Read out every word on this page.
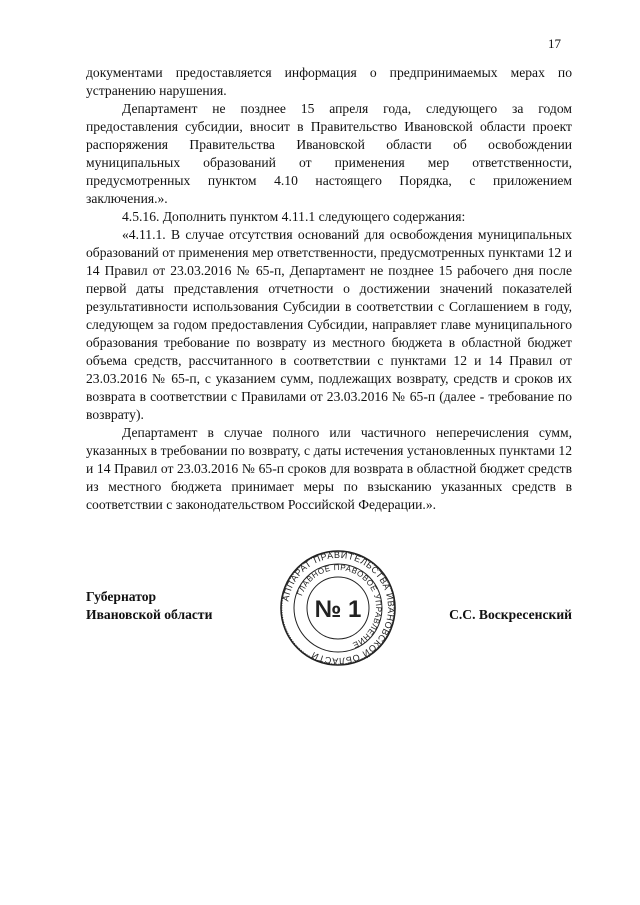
17

документами предоставляется информация о предпринимаемых мерах по устранению нарушения.

Департамент не позднее 15 апреля года, следующего за годом предоставления субсидии, вносит в Правительство Ивановской области проект распоряжения Правительства Ивановской области об освобождении муниципальных образований от применения мер ответственности, предусмотренных пунктом 4.10 настоящего Порядка, с приложением заключения.».

4.5.16. Дополнить пунктом 4.11.1 следующего содержания:

«4.11.1. В случае отсутствия оснований для освобождения муниципальных образований от применения мер ответственности, предусмотренных пунктами 12 и 14 Правил от 23.03.2016 № 65-п, Департамент не позднее 15 рабочего дня после первой даты представления отчетности о достижении значений показателей результативности использования Субсидии в соответствии с Соглашением в году, следующем за годом предоставления Субсидии, направляет главе муниципального образования требование по возврату из местного бюджета в областной бюджет объема средств, рассчитанного в соответствии с пунктами 12 и 14 Правил от 23.03.2016 № 65-п, с указанием сумм, подлежащих возврату, средств и сроков их возврата в соответствии с Правилами от 23.03.2016 № 65-п (далее - требование по возврату).

Департамент в случае полного или частичного неперечисления сумм, указанных в требовании по возврату, с даты истечения установленных пунктами 12 и 14 Правил от 23.03.2016 № 65-п сроков для возврата в областной бюджет средств из местного бюджета принимает меры по взысканию указанных средств в соответствии с законодательством Российской Федерации.».

Губернатор
Ивановской области
АППАРАТ ПРАВИТЕЛЬСТВА ИВАНОВСКОЙ ОБЛАСТИ
ГЛАВНОЕ ПРАВОВОЕ УПРАВЛЕНИЕ
№ 1	С.С. Воскресенский
